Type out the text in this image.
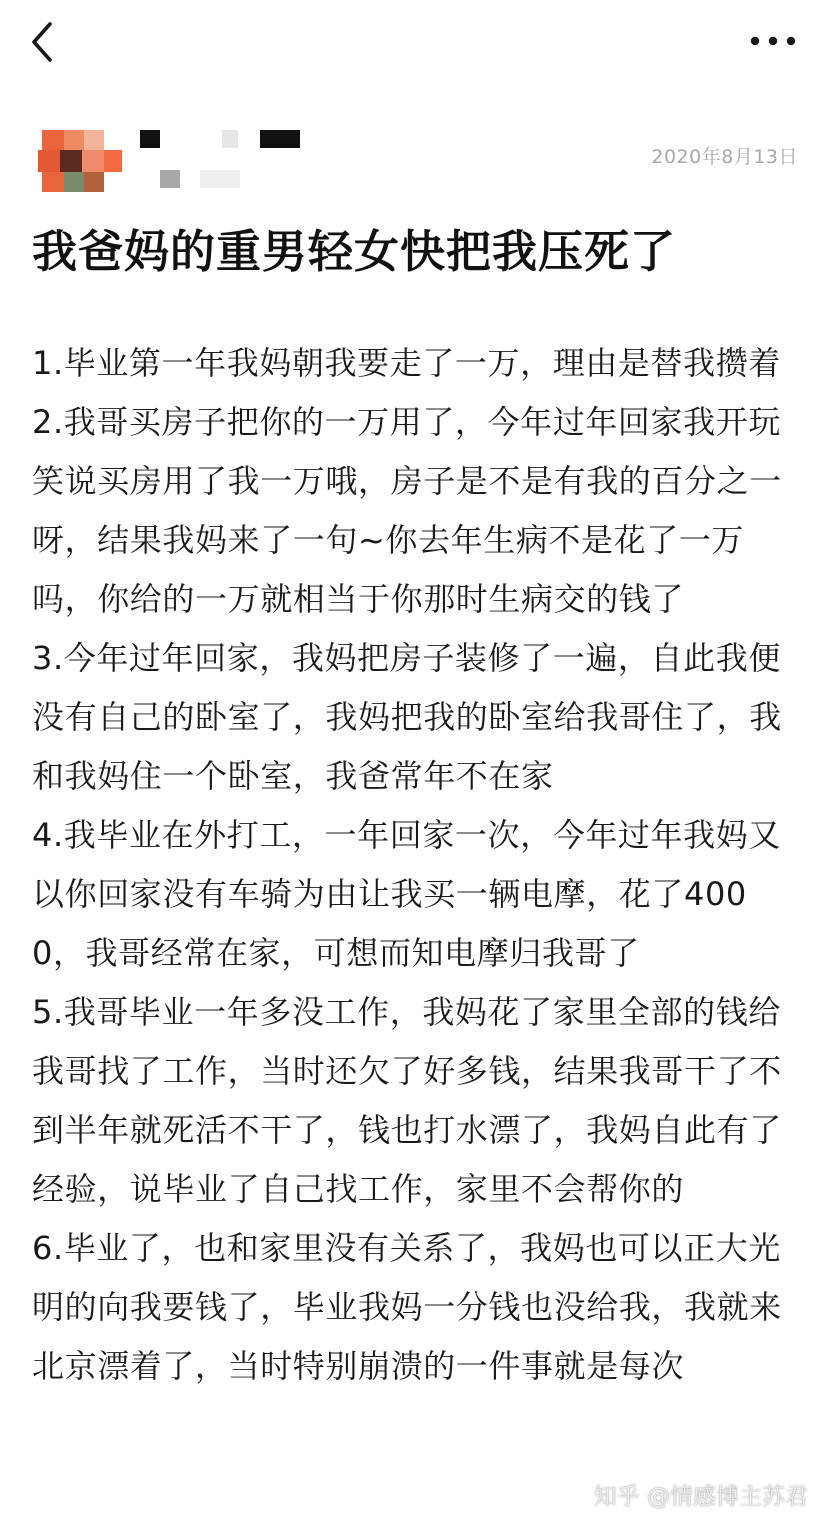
2020年8月13日
我爸妈的重男轻女快把我压死了

1.毕业第一年我妈朝我要走了一万，理由是替我攒着

2.我哥买房子把你的一万用了，今年过年回家我开玩笑说买房用了我一万哦，房子是不是有我的百分之一呀，结果我妈来了一句~你去年生病不是花了一万吗，你给的一万就相当于你那时生病交的钱了

3.今年过年回家，我妈把房子装修了一遍，自此我便没有自己的卧室了，我妈把我的卧室给我哥住了，我和我妈住一个卧室，我爸常年不在家

4.我毕业在外打工，一年回家一次，今年过年我妈又以你回家没有车骑为由让我买一辆电摩，花了4000，我哥经常在家，可想而知电摩归我哥了

5.我哥毕业一年多没工作，我妈花了家里全部的钱给我哥找了工作，当时还欠了好多钱，结果我哥干了不到半年就死活不干了，钱也打水漂了，我妈自此有了经验，说毕业了自己找工作，家里不会帮你的

6.毕业了，也和家里没有关系了，我妈也可以正大光明的向我要钱了，毕业我妈一分钱也没给我，我就来北京漂着了，当时特别崩溃的一件事就是每次

知乎 @情感博主苏君
